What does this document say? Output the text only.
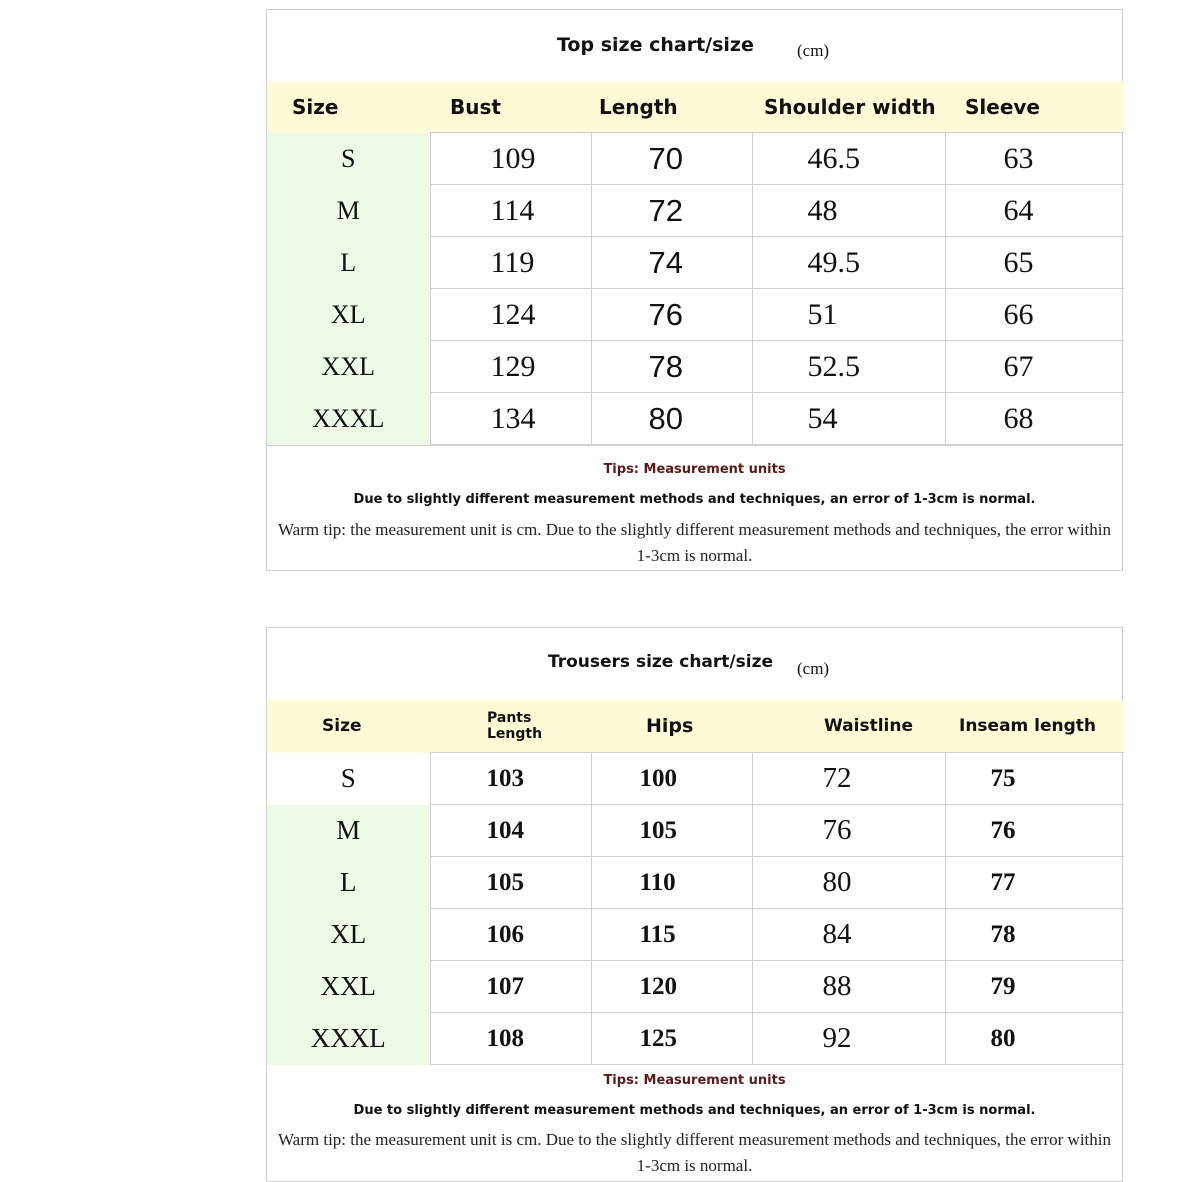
Top size chart/size	(cm)
Size	Bust	Length	Shoulder width	Sleeve
S	109	70	46.5	63
M	114	72	48	64
L	119	74	49.5	65
XL	124	76	51	66
XXL	129	78	52.5	67
XXXL	134	80	54	68
Tips: Measurement units
Due to slightly different measurement methods and techniques, an error of 1-3cm is normal.
Warm tip: the measurement unit is cm. Due to the slightly different measurement methods and techniques, the error within 1-3cm is normal.
Trousers size chart/size (cm)
Size	Pants Length	Hips	Waistline	Inseam length
S	103	100	72	75
M	104	105	76	76
L	105	110	80	77
XL	106	115	84	78
XXL	107	120	88	79
XXXL	108	125	92	80
Tips: Measurement units
Due to slightly different measurement methods and techniques, an error of 1-3cm is normal.
Warm tip: the measurement unit is cm. Due to the slightly different measurement methods and techniques, the error within 1-3cm is normal.
